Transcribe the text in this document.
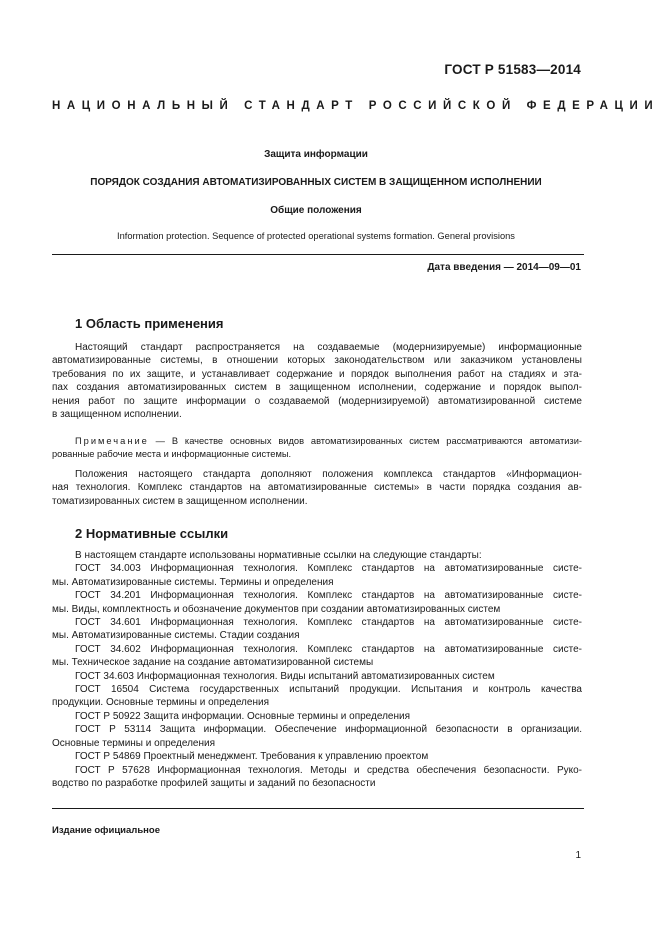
ГОСТ Р 51583—2014
НАЦИОНАЛЬНЫЙ СТАНДАРТ РОССИЙСКОЙ ФЕДЕРАЦИИ
Защита информации
ПОРЯДОК СОЗДАНИЯ АВТОМАТИЗИРОВАННЫХ СИСТЕМ В ЗАЩИЩЕННОМ ИСПОЛНЕНИИ
Общие положения
Information protection. Sequence of protected operational systems formation. General provisions
Дата введения — 2014—09—01
1 Область применения
Настоящий стандарт распространяется на создаваемые (модернизируемые) информационные
автоматизированные системы, в отношении которых законодательством или заказчиком установлены
требования по их защите, и устанавливает содержание и порядок выполнения работ на стадиях и эта-
пах создания автоматизированных систем в защищенном исполнении, содержание и порядок выпол-
нения работ по защите информации о создаваемой (модернизируемой) автоматизированной системе
в защищенном исполнении.
Примечание — В качестве основных видов автоматизированных систем рассматриваются автоматизи-
рованные рабочие места и информационные системы.
Положения настоящего стандарта дополняют положения комплекса стандартов «Информацион-
ная технология. Комплекс стандартов на автоматизированные системы» в части порядка создания ав-
томатизированных систем в защищенном исполнении.
2 Нормативные ссылки
В настоящем стандарте использованы нормативные ссылки на следующие стандарты:
ГОСТ 34.003 Информационная технология. Комплекс стандартов на автоматизированные систе-
мы. Автоматизированные системы. Термины и определения
ГОСТ 34.201 Информационная технология. Комплекс стандартов на автоматизированные систе-
мы. Виды, комплектность и обозначение документов при создании автоматизированных систем
ГОСТ 34.601 Информационная технология. Комплекс стандартов на автоматизированные систе-
мы. Автоматизированные системы. Стадии создания
ГОСТ 34.602 Информационная технология. Комплекс стандартов на автоматизированные систе-
мы. Техническое задание на создание автоматизированной системы
ГОСТ 34.603 Информационная технология. Виды испытаний автоматизированных систем
ГОСТ 16504 Система государственных испытаний продукции. Испытания и контроль качества
продукции. Основные термины и определения
ГОСТ Р 50922 Защита информации. Основные термины и определения
ГОСТ Р 53114 Защита информации. Обеспечение информационной безопасности в организации.
Основные термины и определения
ГОСТ Р 54869 Проектный менеджмент. Требования к управлению проектом
ГОСТ Р 57628 Информационная технология. Методы и средства обеспечения безопасности. Руко-
водство по разработке профилей защиты и заданий по безопасности
Издание официальное
1
